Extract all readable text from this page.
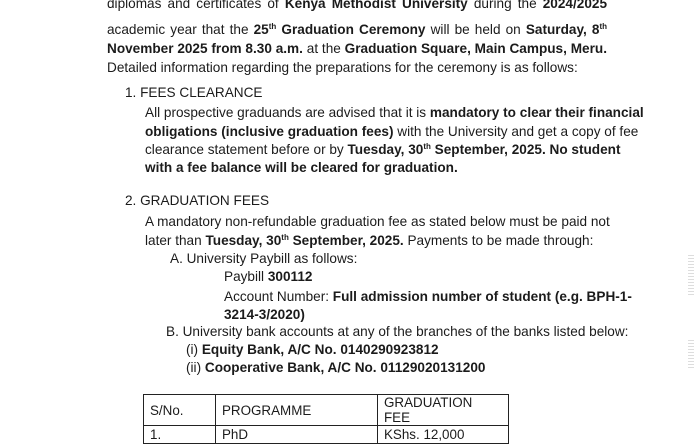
diplomas and certificates of Kenya Methodist University during the 2024/2025
academic year that the 25th Graduation Ceremony will be held on Saturday, 8th
November 2025 from 8.30 a.m. at the Graduation Square, Main Campus, Meru.
Detailed information regarding the preparations for the ceremony is as follows:
1. FEES CLEARANCE
All prospective graduands are advised that it is mandatory to clear their financial
obligations (inclusive graduation fees) with the University and get a copy of fee
clearance statement before or by Tuesday, 30th September, 2025. No student
with a fee balance will be cleared for graduation.
2. GRADUATION FEES
A mandatory non-refundable graduation fee as stated below must be paid not
later than Tuesday, 30th September, 2025. Payments to be made through:
A. University Paybill as follows:
Paybill 300112
Account Number: Full admission number of student (e.g. BPH-1-
3214-3/2020)
B. University bank accounts at any of the branches of the banks listed below:
(i) Equity Bank, A/C No. 0140290923812
(ii) Cooperative Bank, A/C No. 01129020131200
S/No.	PROGRAMME	GRADUATION FEE
1.	PhD	KShs. 12,000
